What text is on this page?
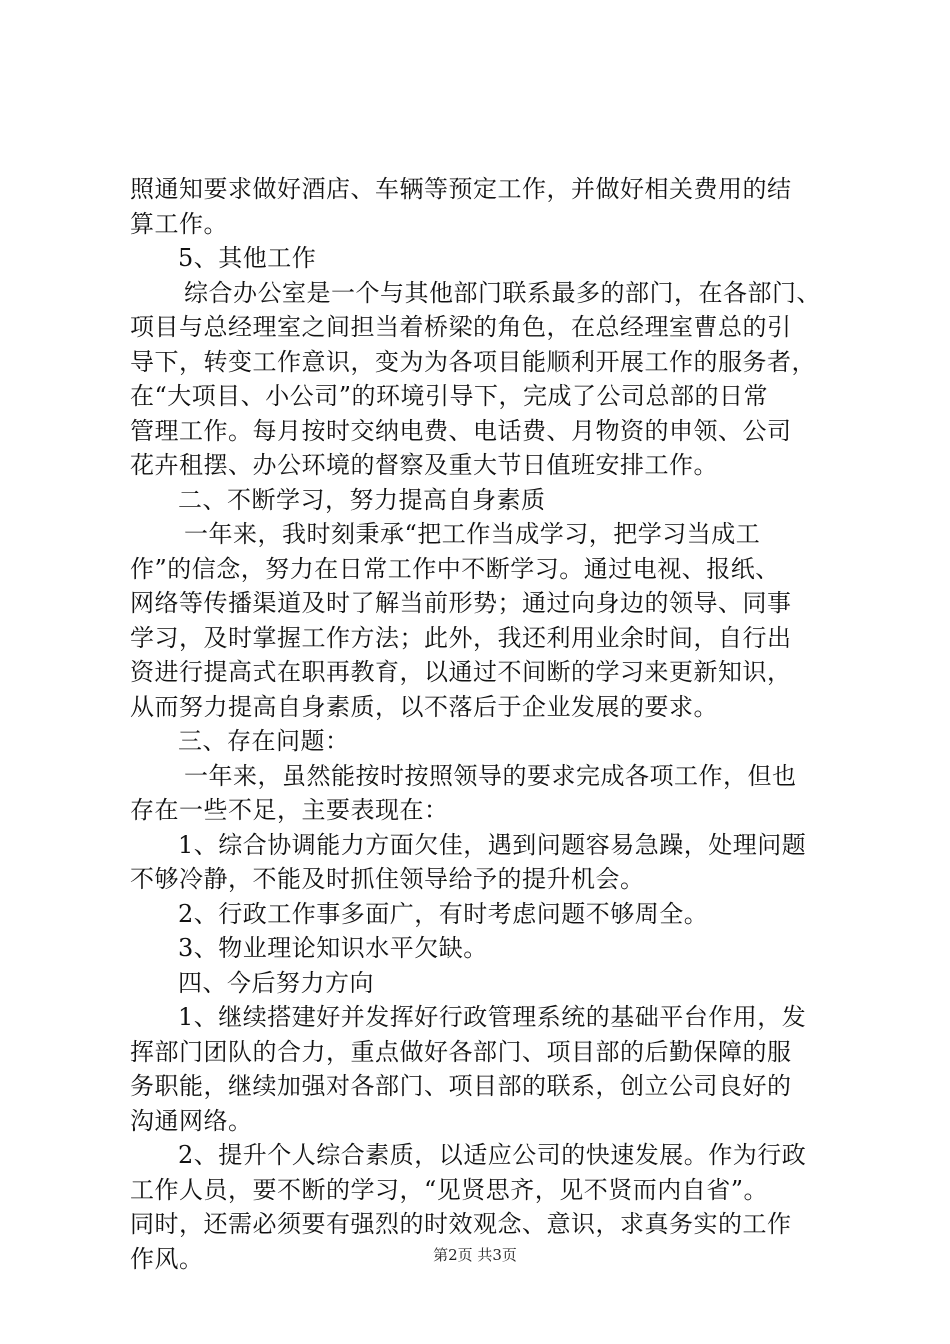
照通知要求做好酒店、车辆等预定工作，并做好相关费用的结
算工作。
5、其他工作
综合办公室是一个与其他部门联系最多的部门，在各部门、
项目与总经理室之间担当着桥梁的角色，在总经理室曹总的引
导下，转变工作意识，变为为各项目能顺利开展工作的服务者，
在“大项目、小公司”的环境引导下，完成了公司总部的日常
管理工作。每月按时交纳电费、电话费、月物资的申领、公司
花卉租摆、办公环境的督察及重大节日值班安排工作。
二、不断学习，努力提高自身素质
一年来，我时刻秉承“把工作当成学习，把学习当成工
作”的信念，努力在日常工作中不断学习。通过电视、报纸、
网络等传播渠道及时了解当前形势；通过向身边的领导、同事
学习，及时掌握工作方法；此外，我还利用业余时间，自行出
资进行提高式在职再教育，以通过不间断的学习来更新知识，
从而努力提高自身素质，以不落后于企业发展的要求。
三、存在问题：
一年来，虽然能按时按照领导的要求完成各项工作，但也
存在一些不足，主要表现在：
1、综合协调能力方面欠佳，遇到问题容易急躁，处理问题
不够冷静，不能及时抓住领导给予的提升机会。
2、行政工作事多面广，有时考虑问题不够周全。
3、物业理论知识水平欠缺。
四、今后努力方向
1、继续搭建好并发挥好行政管理系统的基础平台作用，发
挥部门团队的合力，重点做好各部门、项目部的后勤保障的服
务职能，继续加强对各部门、项目部的联系，创立公司良好的
沟通网络。
2、提升个人综合素质，以适应公司的快速发展。作为行政
工作人员，要不断的学习，“见贤思齐，见不贤而内自省”。
同时，还需必须要有强烈的时效观念、意识，求真务实的工作
作风。	第2页 共3页
